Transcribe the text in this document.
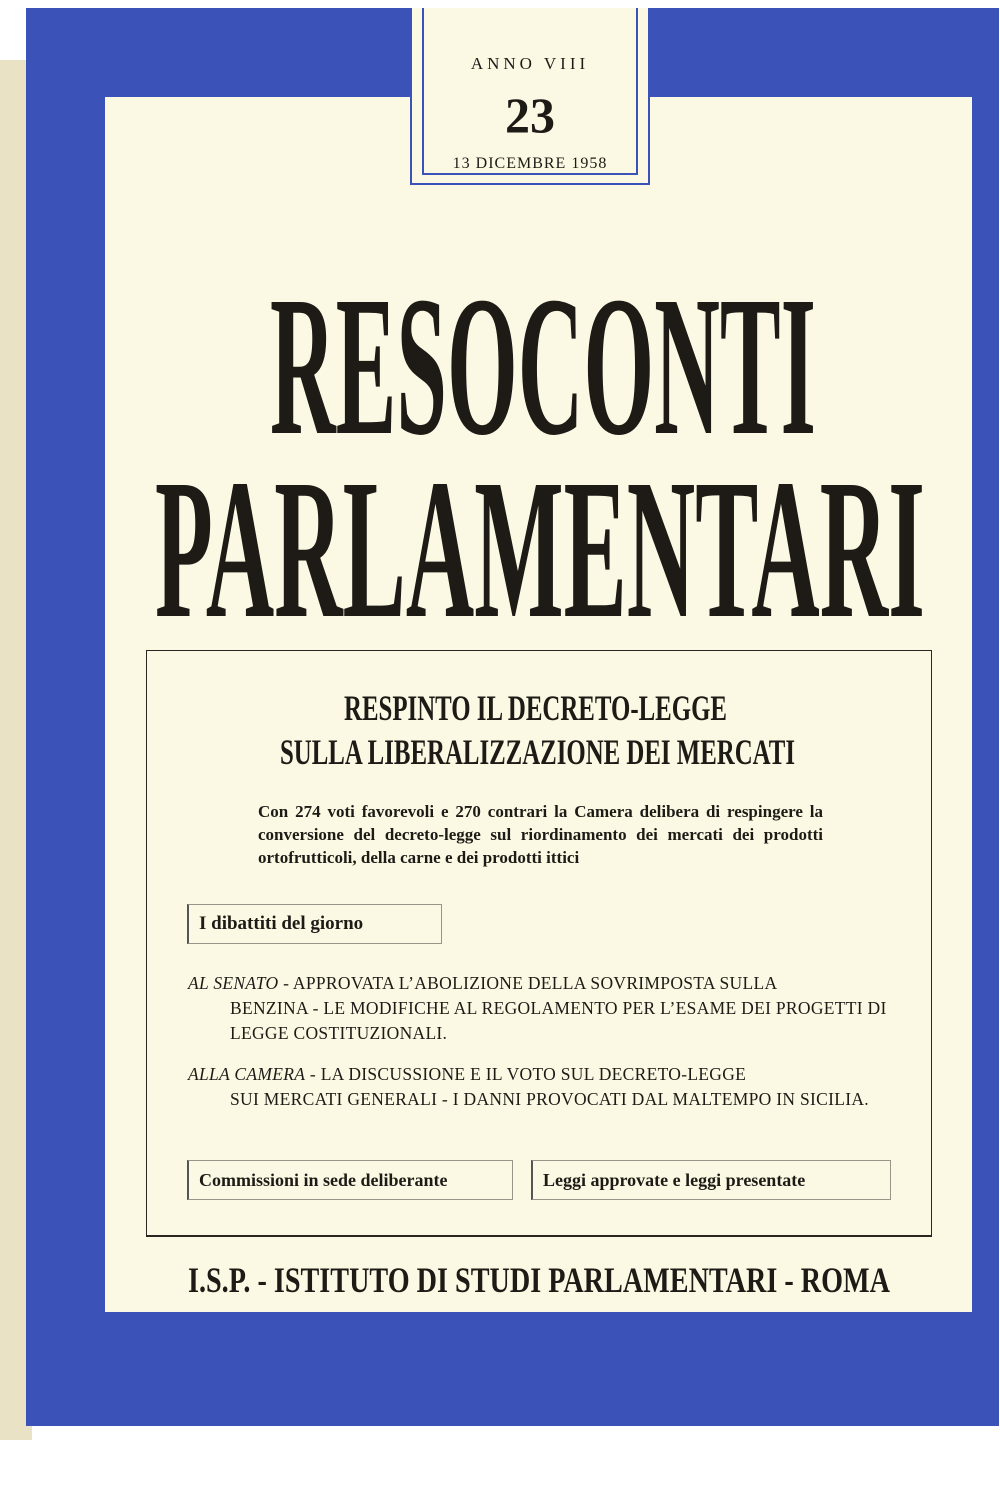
ANNO VIII
23
13 DICEMBRE 1958
RESOCONTI
PARLAMENTARI
RESPINTO IL DECRETO-LEGGE
SULLA LIBERALIZZAZIONE DEI MERCATI
I.S.P. - ISTITUTO DI STUDI PARLAMENTARI - ROMA
Con 274 voti favorevoli e 270 contrari la Camera delibera di respingere la conversione del decreto-legge sul riordinamento dei mercati dei prodotti ortofrutticoli, della carne e dei prodotti ittici
I dibattiti del giorno
AL SENATO - APPROVATA L’ABOLIZIONE DELLA SOVRIMPOSTA SULLA
BENZINA - LE MODIFICHE AL REGOLAMENTO PER L’ESAME DEI PROGETTI DI LEGGE COSTITUZIONALI.
ALLA CAMERA - LA DISCUSSIONE E IL VOTO SUL DECRETO-LEGGE
SUI MERCATI GENERALI - I DANNI PROVOCATI DAL MALTEMPO IN SICILIA.
Commissioni in sede deliberante	Leggi approvate e leggi presentate
